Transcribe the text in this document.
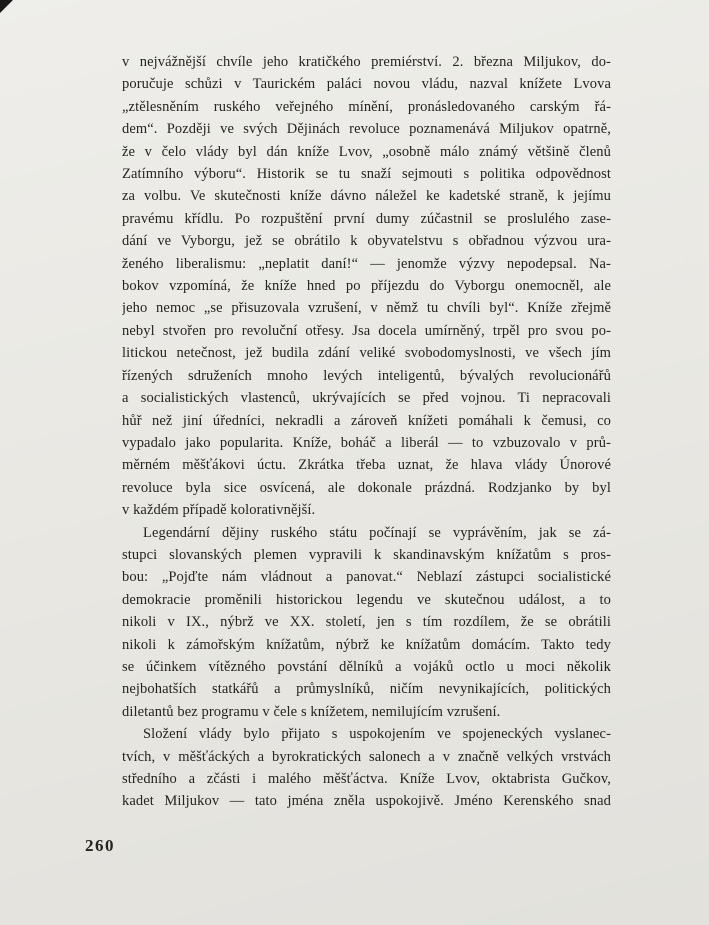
v nejvážnější chvíle jeho kratičkého premiérství. 2. března Miljukov, do-
poručuje schůzi v Taurickém paláci novou vládu, nazval knížete Lvova
„ztělesněním ruského veřejného mínění, pronásledovaného carským řá-
dem“. Později ve svých Dějinách revoluce poznamenává Miljukov opatrně,
že v čelo vlády byl dán kníže Lvov, „osobně málo známý většině členů
Zatímního výboru“. Historik se tu snaží sejmouti s politika odpovědnost
za volbu. Ve skutečnosti kníže dávno náležel ke kadetské straně, k jejímu
pravému křídlu. Po rozpuštění první dumy zúčastnil se proslulého zase-
dání ve Vyborgu, jež se obrátilo k obyvatelstvu s obřadnou výzvou ura-
ženého liberalismu: „neplatit daní!“ — jenomže výzvy nepodepsal. Na-
bokov vzpomíná, že kníže hned po příjezdu do Vyborgu onemocněl, ale
jeho nemoc „se přisuzovala vzrušení, v němž tu chvíli byl“. Kníže zřejmě
nebyl stvořen pro revoluční otřesy. Jsa docela umírněný, trpěl pro svou po-
litickou netečnost, jež budila zdání veliké svobodomyslnosti, ve všech jím
řízených sdruženích mnoho levých inteligentů, bývalých revolucionářů
a socialistických vlastenců, ukrývajících se před vojnou. Ti nepracovali
hůř než jiní úředníci, nekradli a zároveň knížeti pomáhali k čemusi, co
vypadalo jako popularita. Kníže, boháč a liberál — to vzbuzovalo v prů-
měrném měšťákovi úctu. Zkrátka třeba uznat, že hlava vlády Únorové
revoluce byla sice osvícená, ale dokonale prázdná. Rodzjanko by byl
v každém případě kolorativnější.

Legendární dějiny ruského státu počínají se vyprávěním, jak se zá-
stupci slovanských plemen vypravili k skandinavským knížatům s pros-
bou: „Pojďte nám vládnout a panovat.“ Neblazí zástupci socialistické
demokracie proměnili historickou legendu ve skutečnou událost, a to
nikoli v IX., nýbrž ve XX. století, jen s tím rozdílem, že se obrátili
nikoli k zámořským knížatům, nýbrž ke knížatům domácím. Takto tedy
se účinkem vítězného povstání dělníků a vojáků octlo u moci několik
nejbohatších statkářů a průmyslníků, ničím nevynikajících, politických
diletantů bez programu v čele s knížetem, nemilujícím vzrušení.

Složení vlády bylo přijato s uspokojením ve spojeneckých vyslanec-
tvích, v měšťáckých a byrokratických salonech a v značně velkých vrstvách
středního a zčásti i malého měšťáctva. Kníže Lvov, oktabrista Gučkov,
kadet Miljukov — tato jména zněla uspokojivě. Jméno Kerenského snad

260
